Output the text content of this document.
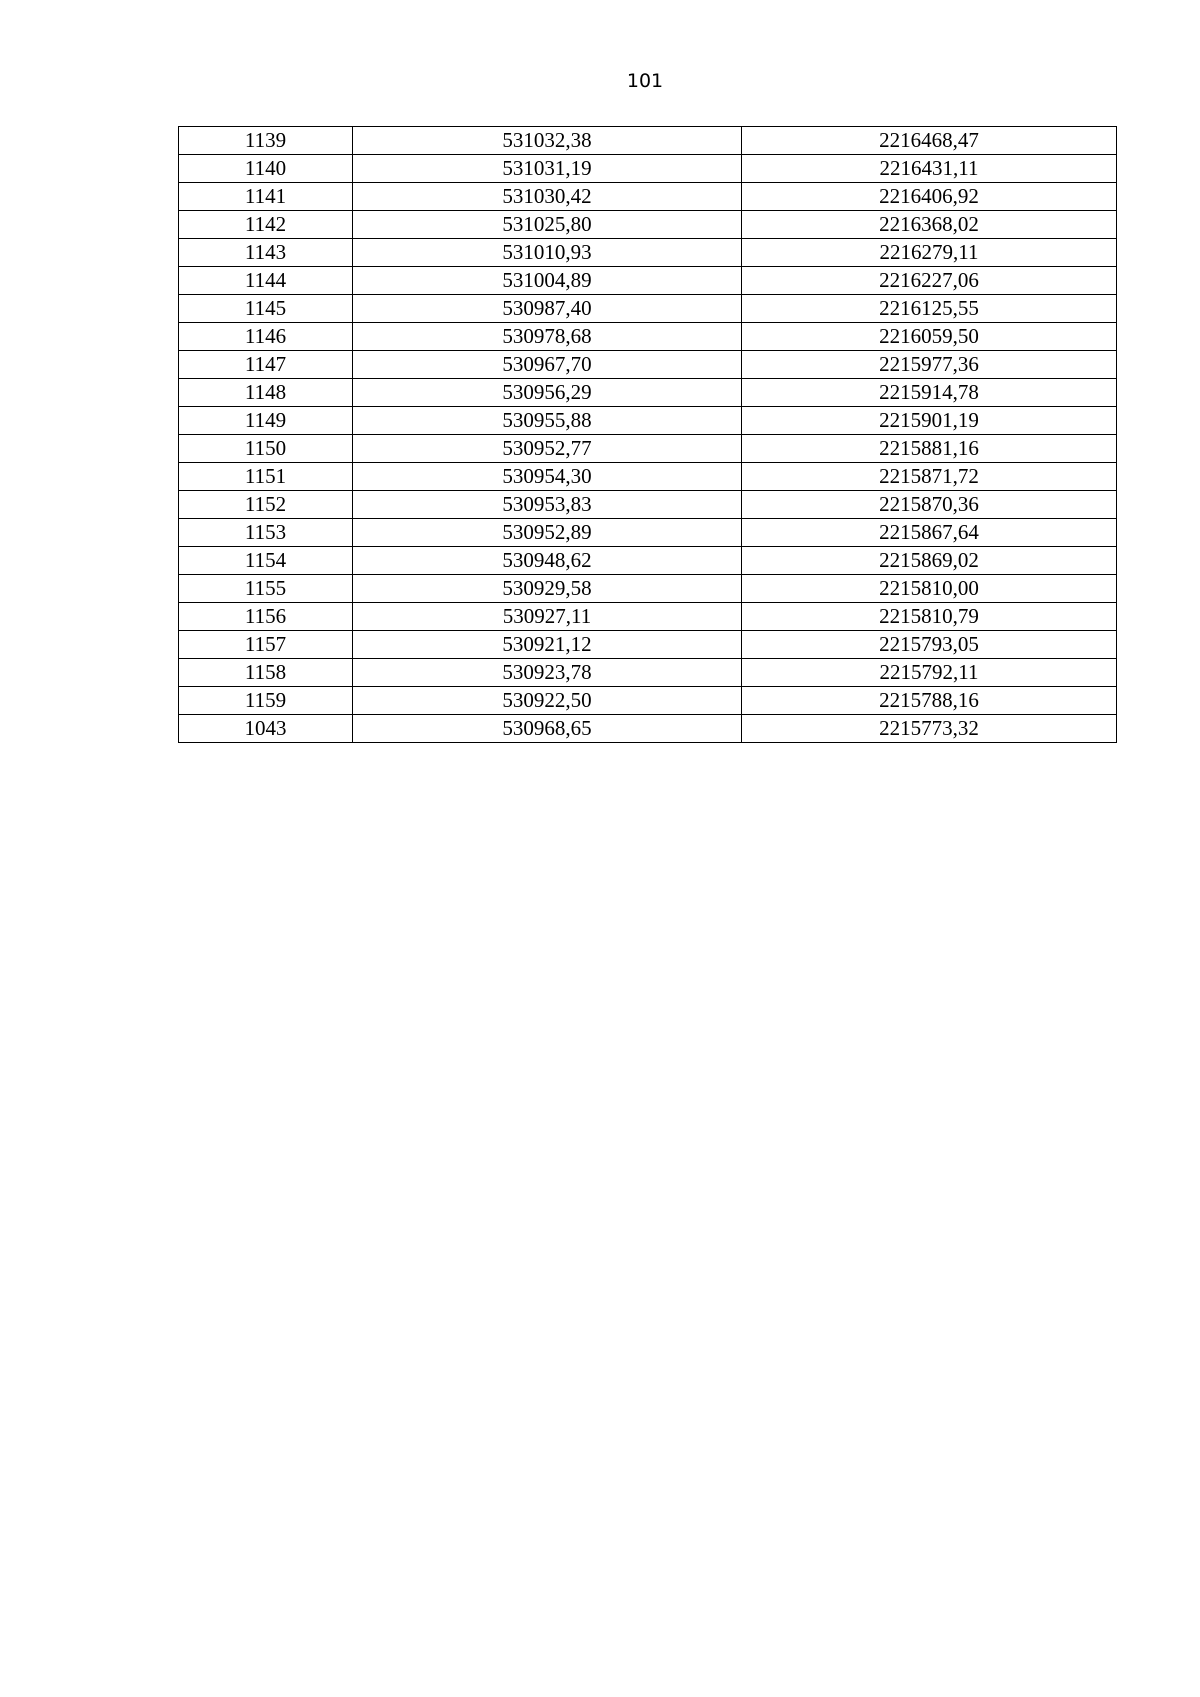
101
1139	531032,38	2216468,47
1140	531031,19	2216431,11
1141	531030,42	2216406,92
1142	531025,80	2216368,02
1143	531010,93	2216279,11
1144	531004,89	2216227,06
1145	530987,40	2216125,55
1146	530978,68	2216059,50
1147	530967,70	2215977,36
1148	530956,29	2215914,78
1149	530955,88	2215901,19
1150	530952,77	2215881,16
1151	530954,30	2215871,72
1152	530953,83	2215870,36
1153	530952,89	2215867,64
1154	530948,62	2215869,02
1155	530929,58	2215810,00
1156	530927,11	2215810,79
1157	530921,12	2215793,05
1158	530923,78	2215792,11
1159	530922,50	2215788,16
1043	530968,65	2215773,32
